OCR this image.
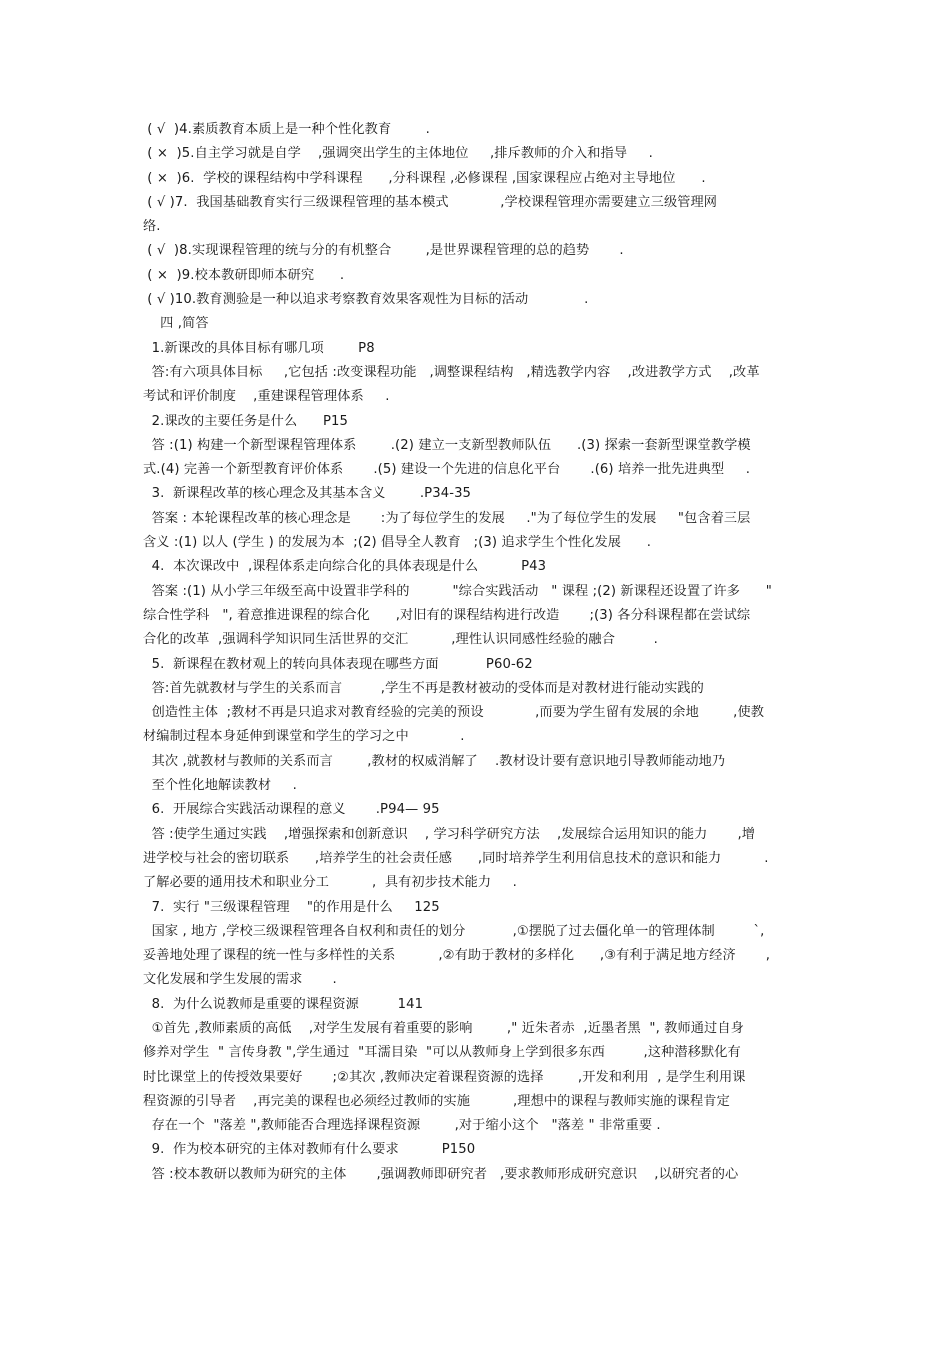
( √  )4.素质教育本质上是一种个性化教育        .
( ×  )5.自主学习就是自学    ,强调突出学生的主体地位     ,排斥教师的介入和指导     .
( ×  )6.  学校的课程结构中学科课程      ,分科课程 ,必修课程 ,国家课程应占绝对主导地位      .
( √ )7.  我国基础教育实行三级课程管理的基本模式            ,学校课程管理亦需要建立三级管理网
络.
( √  )8.实现课程管理的统与分的有机整合        ,是世界课程管理的总的趋势       .
( ×  )9.校本教研即师本研究      .
( √ )10.教育测验是一种以追求考察教育效果客观性为目标的活动             .
四 ,简答
1.新课改的具体目标有哪几项        P8
答:有六项具体目标     ,它包括 :改变课程功能   ,调整课程结构   ,精选教学内容    ,改进教学方式    ,改革
考试和评价制度    ,重建课程管理体系     .
2.课改的主要任务是什么      P15
答 :(1) 构建一个新型课程管理体系        .(2) 建立一支新型教师队伍      .(3) 探索一套新型课堂教学模
式.(4) 完善一个新型教育评价体系       .(5) 建设一个先进的信息化平台       .(6) 培养一批先进典型     .
3.  新课程改革的核心理念及其基本含义        .P34-35
答案 : 本轮课程改革的核心理念是       :为了每位学生的发展     ."为了每位学生的发展     "包含着三层
含义 :(1) 以人 (学生 ) 的发展为本  ;(2) 倡导全人教育   ;(3) 追求学生个性化发展      .
4.  本次课改中  ,课程体系走向综合化的具体表现是什么          P43
答案 :(1) 从小学三年级至高中设置非学科的          "综合实践活动   " 课程 ;(2) 新课程还设置了许多      "
综合性学科   ", 着意推进课程的综合化      ,对旧有的课程结构进行改造       ;(3) 各分科课程都在尝试综
合化的改革  ,强调科学知识同生活世界的交汇          ,理性认识同感性经验的融合         .
5.  新课程在教材观上的转向具体表现在哪些方面           P60-62
答:首先就教材与学生的关系而言         ,学生不再是教材被动的受体而是对教材进行能动实践的
创造性主体  ;教材不再是只追求对教育经验的完美的预设            ,而要为学生留有发展的余地        ,使教
材编制过程本身延伸到课堂和学生的学习之中            .
其次 ,就教材与教师的关系而言        ,教材的权威消解了    .教材设计要有意识地引导教师能动地乃
至个性化地解读教材     .
6.  开展综合实践活动课程的意义       .P94— 95
答 :使学生通过实践    ,增强探索和创新意识    , 学习科学研究方法    ,发展综合运用知识的能力       ,增
进学校与社会的密切联系      ,培养学生的社会责任感      ,同时培养学生利用信息技术的意识和能力          .
了解必要的通用技术和职业分工          ,  具有初步技术能力     .
7.  实行 "三级课程管理    "的作用是什么     125
国家 , 地方 ,学校三级课程管理各自权利和责任的划分           ,①摆脱了过去僵化单一的管理体制         `,
妥善地处理了课程的统一性与多样性的关系          ,②有助于教材的多样化      ,③有利于满足地方经济       ,
文化发展和学生发展的需求       .
8.  为什么说教师是重要的课程资源         141
①首先 ,教师素质的高低    ,对学生发展有着重要的影响        ," 近朱者赤  ,近墨者黑  ", 教师通过自身
修养对学生  " 言传身教 ",学生通过  "耳濡目染  "可以从教师身上学到很多东西         ,这种潜移默化有
时比课堂上的传授效果要好       ;②其次 ,教师决定着课程资源的选择        ,开发和利用  , 是学生利用课
程资源的引导者    ,再完美的课程也必须经过教师的实施          ,理想中的课程与教师实施的课程肯定
存在一个  "落差 ",教师能否合理选择课程资源        ,对于缩小这个   "落差 " 非常重要 .
9.  作为校本研究的主体对教师有什么要求          P150
答 :校本教研以教师为研究的主体       ,强调教师即研究者   ,要求教师形成研究意识    ,以研究者的心
